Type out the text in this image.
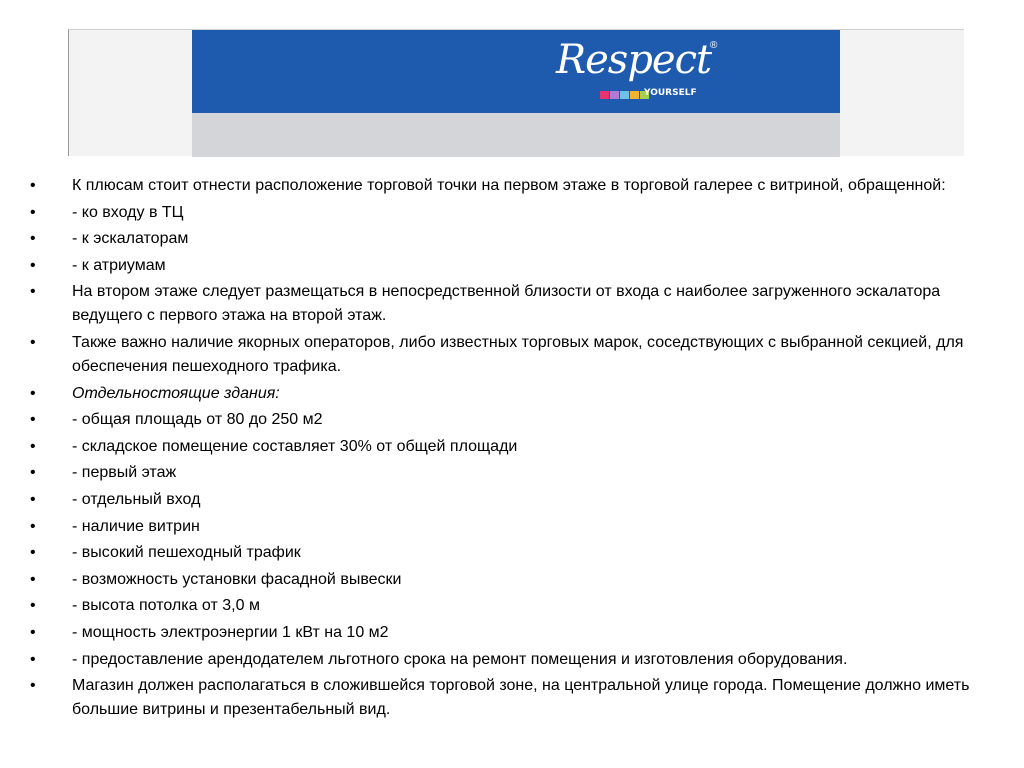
Respect
®
YOURSELF
•	К плюсам стоит отнести расположение торговой точки на первом этаже в торговой галерее с витриной, обращенной:
•	- ко входу в ТЦ
•	- к эскалаторам
•	- к атриумам
•	На втором этаже следует размещаться в непосредственной близости от входа с наиболее загруженного эскалатора ведущего с первого этажа на второй этаж.
•	Также важно наличие якорных операторов, либо известных торговых марок, соседствующих с выбранной секцией, для обеспечения пешеходного трафика.
•	Отдельностоящие здания:
•	- общая площадь от 80 до 250 м2
•	- складское помещение составляет 30% от общей площади
•	- первый этаж
•	- отдельный вход
•	- наличие витрин
•	- высокий пешеходный трафик
•	- возможность установки фасадной вывески
•	- высота потолка от 3,0 м
•	- мощность электроэнергии 1 кВт на 10 м2
•	- предоставление арендодателем льготного срока на ремонт помещения и изготовления оборудования.
•	Магазин должен располагаться в сложившейся торговой зоне, на центральной улице города. Помещение должно иметь большие витрины и презентабельный вид.
